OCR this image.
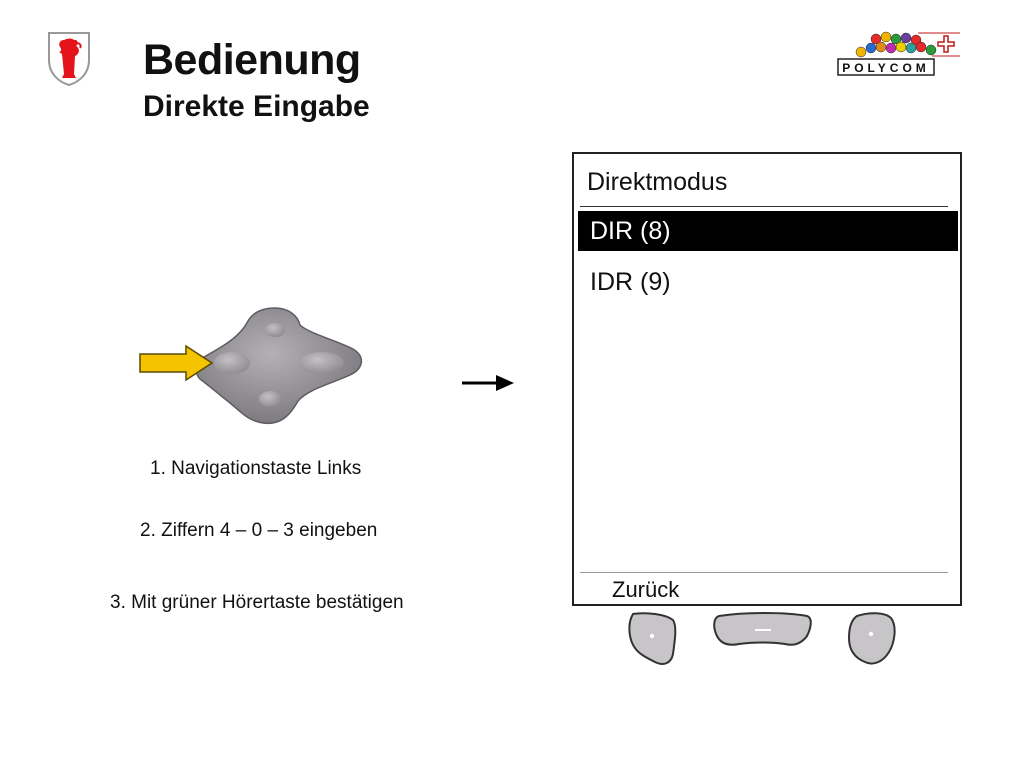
Bedienung
Direkte Eingabe
POLYCOM
1. Navigationstaste Links
2. Ziffern 4 – 0 – 3 eingeben
3. Mit grüner Hörertaste bestätigen
Direktmodus
DIR (8)
IDR (9)
Zurück
